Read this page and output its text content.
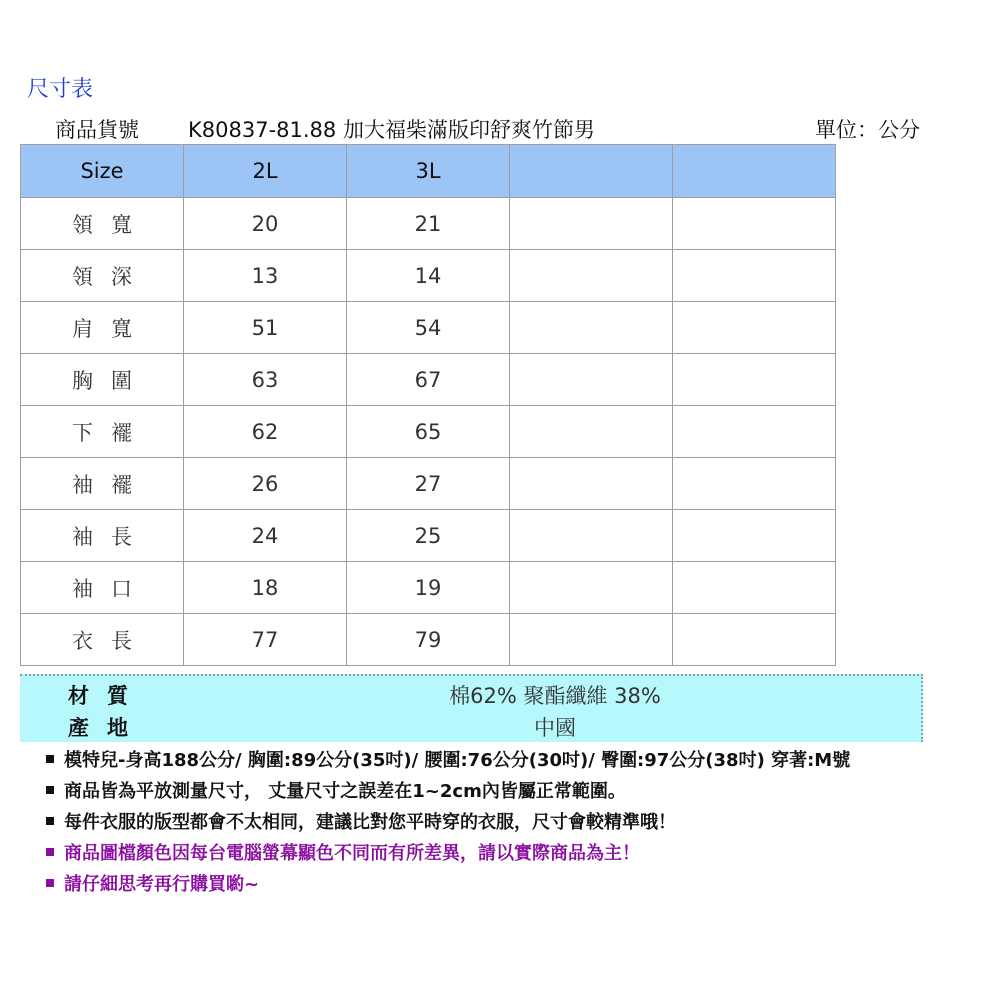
尺寸表
商品貨號 K80837-81.88 加大福柴滿版印舒爽竹節男	單位：公分
Size	2L	3L		
領寬	20	21		
領深	13	14		
肩寬	51	54		
胸圍	63	67		
下襬	62	65		
袖襬	26	27		
袖長	24	25		
袖口	18	19		
衣長	77	79		
材質	棉62% 聚酯纖維 38%
產地	中國
模特兒-身高188公分/ 胸圍:89公分(35吋)/ 腰圍:76公分(30吋)/ 臀圍:97公分(38吋) 穿著:M號
商品皆為平放測量尺寸， 丈量尺寸之誤差在1~2cm內皆屬正常範圍。
每件衣服的版型都會不太相同，建議比對您平時穿的衣服，尺寸會較精準哦！
商品圖檔顏色因每台電腦螢幕顯色不同而有所差異，請以實際商品為主！
請仔細思考再行購買喲~
